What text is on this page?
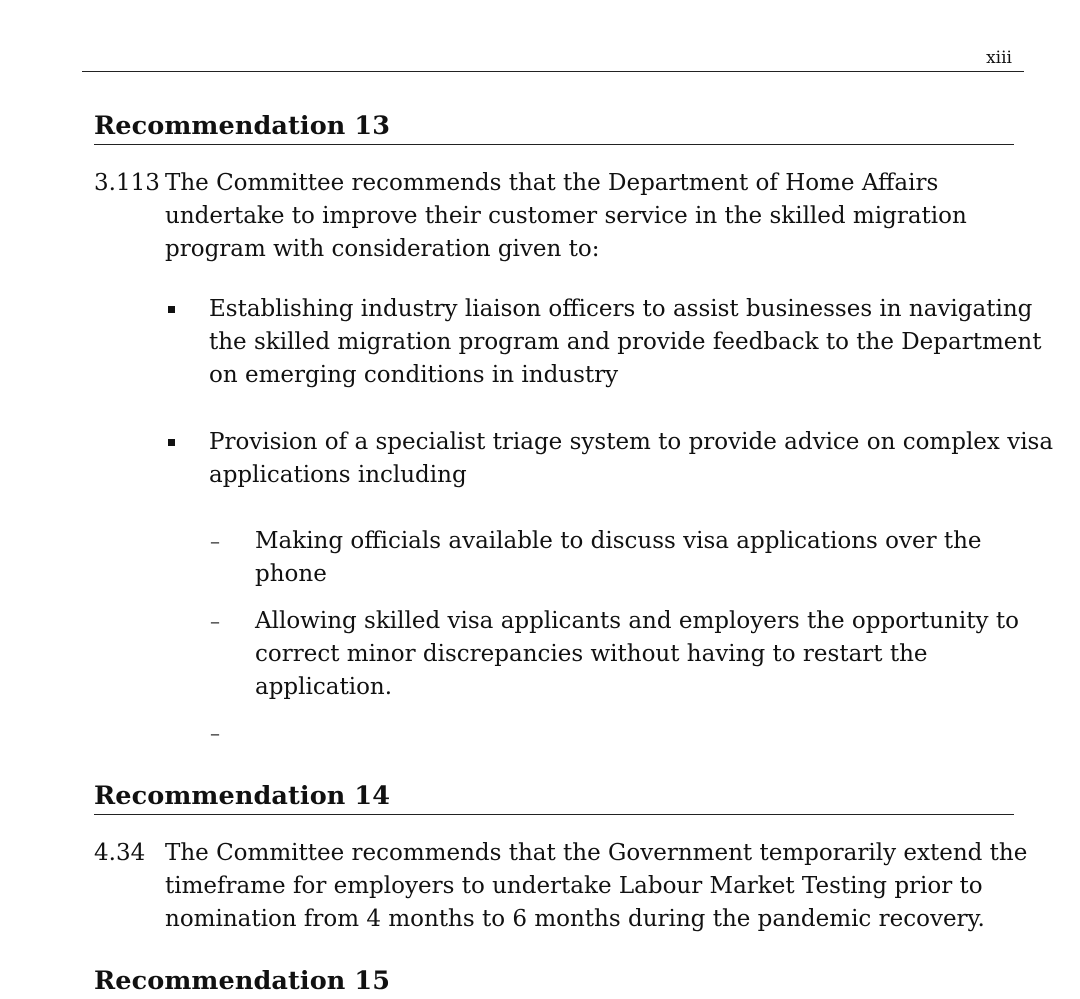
xiii
Recommendation 13
3.113 The Committee recommends that the Department of Home Affairs
undertake to improve their customer service in the skilled migration
program with consideration given to:
Establishing industry liaison officers to assist businesses in navigating
the skilled migration program and provide feedback to the Department
on emerging conditions in industry
Provision of a specialist triage system to provide advice on complex visa
applications including
– Making officials available to discuss visa applications over the
phone
– Allowing skilled visa applicants and employers the opportunity to
correct minor discrepancies without having to restart the
application.
–
Recommendation 14
4.34 The Committee recommends that the Government temporarily extend the
timeframe for employers to undertake Labour Market Testing prior to
nomination from 4 months to 6 months during the pandemic recovery.
Recommendation 15
